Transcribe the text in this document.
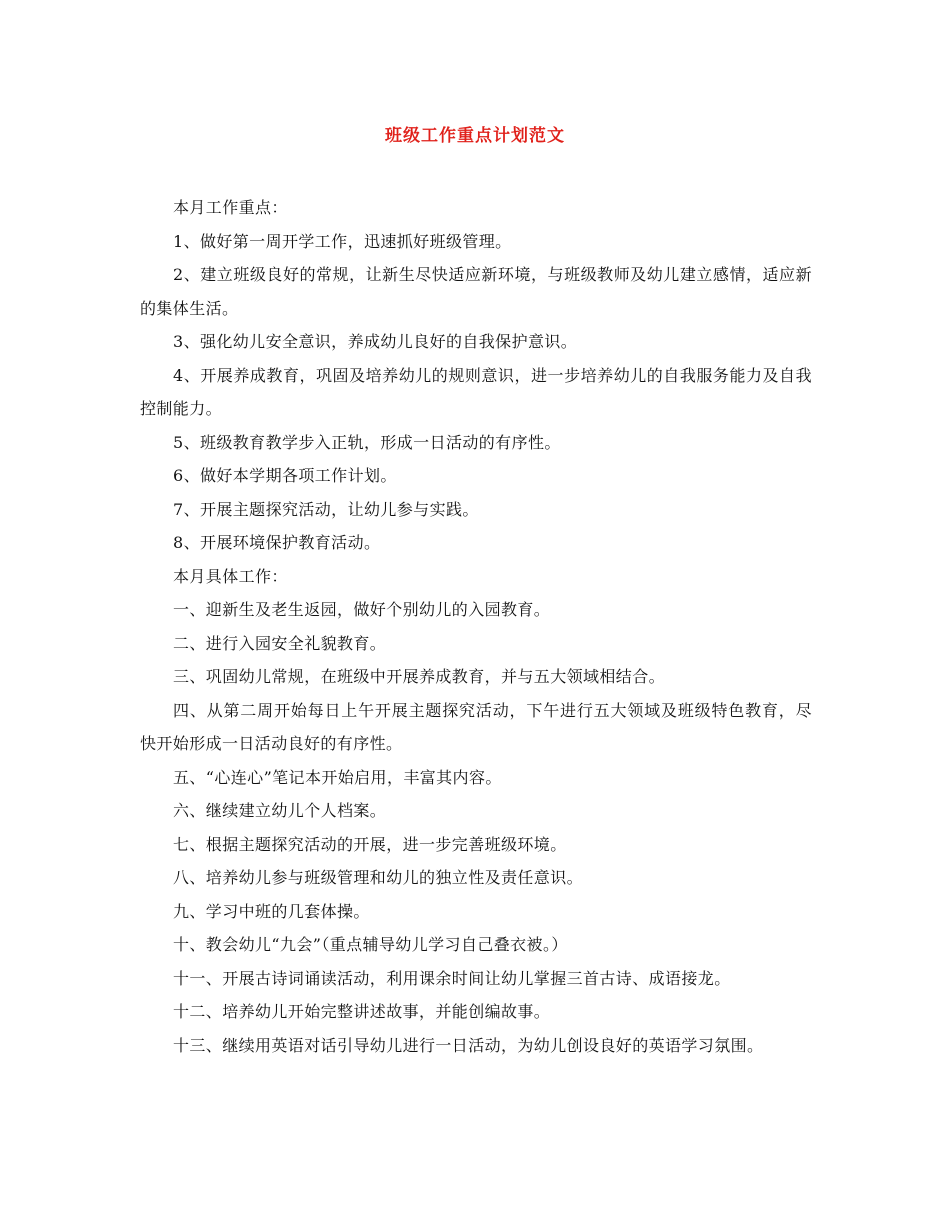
班级工作重点计划范文

本月工作重点：

1、做好第一周开学工作，迅速抓好班级管理。

2、建立班级良好的常规，让新生尽快适应新环境，与班级教师及幼儿建立感情，适应新的集体生活。

3、强化幼儿安全意识，养成幼儿良好的自我保护意识。

4、开展养成教育，巩固及培养幼儿的规则意识，进一步培养幼儿的自我服务能力及自我控制能力。

5、班级教育教学步入正轨，形成一日活动的有序性。

6、做好本学期各项工作计划。

7、开展主题探究活动，让幼儿参与实践。

8、开展环境保护教育活动。

本月具体工作：

一、迎新生及老生返园，做好个别幼儿的入园教育。

二、进行入园安全礼貌教育。

三、巩固幼儿常规，在班级中开展养成教育，并与五大领域相结合。

四、从第二周开始每日上午开展主题探究活动，下午进行五大领域及班级特色教育，尽快开始形成一日活动良好的有序性。

五、“心连心”笔记本开始启用，丰富其内容。

六、继续建立幼儿个人档案。

七、根据主题探究活动的开展，进一步完善班级环境。

八、培养幼儿参与班级管理和幼儿的独立性及责任意识。

九、学习中班的几套体操。

十、教会幼儿“九会”（重点辅导幼儿学习自己叠衣被。）

十一、开展古诗词诵读活动，利用课余时间让幼儿掌握三首古诗、成语接龙。

十二、培养幼儿开始完整讲述故事，并能创编故事。

十三、继续用英语对话引导幼儿进行一日活动，为幼儿创设良好的英语学习氛围。
